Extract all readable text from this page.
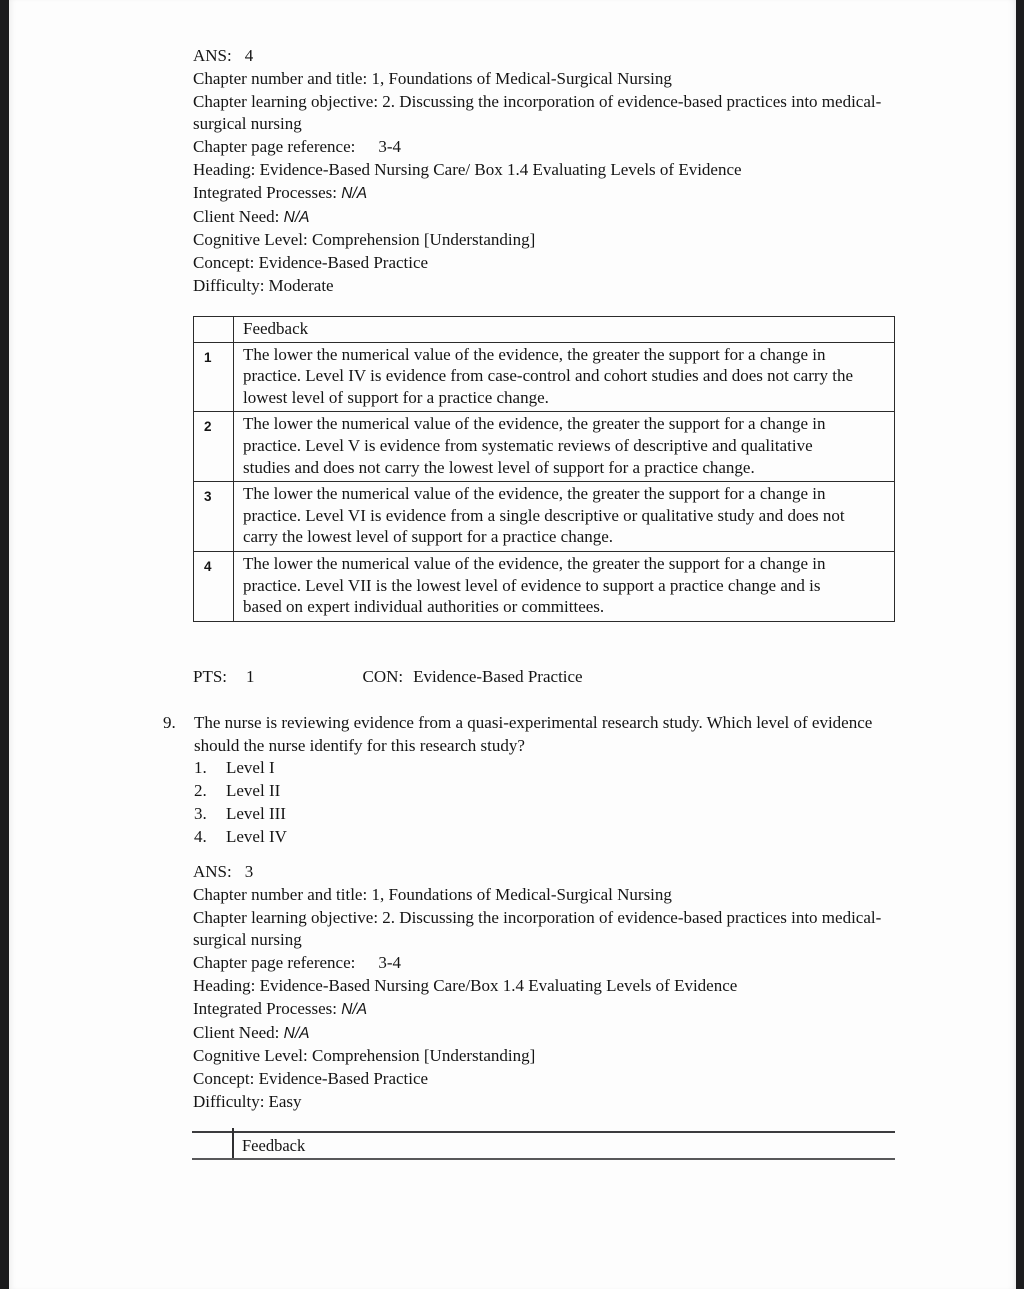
ANS: 4
Chapter number and title: 1, Foundations of Medical-Surgical Nursing
Chapter learning objective: 2. Discussing the incorporation of evidence-based practices into medical-surgical nursing
Chapter page reference: 3-4
Heading: Evidence-Based Nursing Care/ Box 1.4 Evaluating Levels of Evidence
Integrated Processes: N/A
Client Need: N/A
Cognitive Level: Comprehension [Understanding]
Concept: Evidence-Based Practice
Difficulty: Moderate
	Feedback
1	The lower the numerical value of the evidence, the greater the support for a change in practice. Level IV is evidence from case-control and cohort studies and does not carry the lowest level of support for a practice change.
2	The lower the numerical value of the evidence, the greater the support for a change in practice. Level V is evidence from systematic reviews of descriptive and qualitative studies and does not carry the lowest level of support for a practice change.
3	The lower the numerical value of the evidence, the greater the support for a change in practice. Level VI is evidence from a single descriptive or qualitative study and does not carry the lowest level of support for a practice change.
4	The lower the numerical value of the evidence, the greater the support for a change in practice. Level VII is the lowest level of evidence to support a practice change and is based on expert individual authorities or committees.
PTS: 1	CON: Evidence-Based Practice
9. The nurse is reviewing evidence from a quasi-experimental research study. Which level of evidence should the nurse identify for this research study?
1. Level I
2. Level II
3. Level III
4. Level IV
ANS: 3
Chapter number and title: 1, Foundations of Medical-Surgical Nursing
Chapter learning objective: 2. Discussing the incorporation of evidence-based practices into medical-surgical nursing
Chapter page reference: 3-4
Heading: Evidence-Based Nursing Care/Box 1.4 Evaluating Levels of Evidence
Integrated Processes: N/A
Client Need: N/A
Cognitive Level: Comprehension [Understanding]
Concept: Evidence-Based Practice
Difficulty: Easy
Feedback
